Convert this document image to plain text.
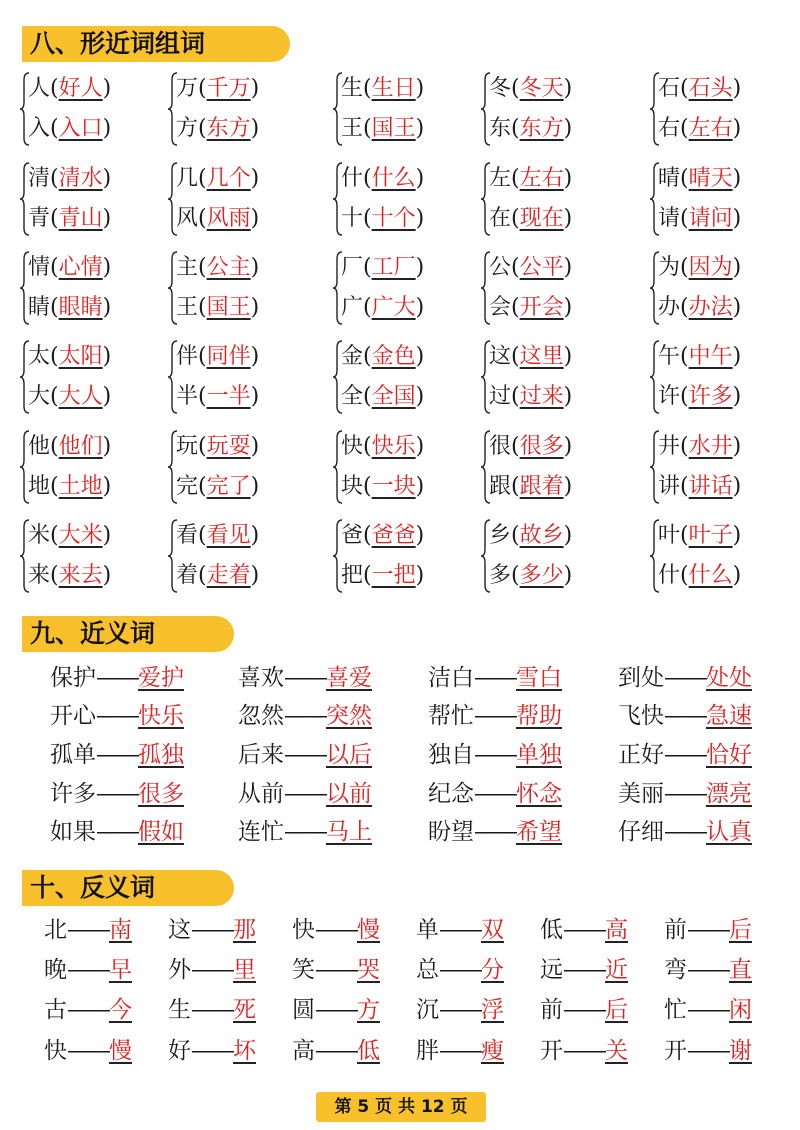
八、形近词组词
人(好人)
入(入口)
万(千万)
方(东方)
生(生日)
王(国王)
冬(冬天)
东(东方)
石(石头)
右(左右)
清(清水)
青(青山)
几(几个)
风(风雨)
什(什么)
十(十个)
左(左右)
在(现在)
晴(晴天)
请(请问)
情(心情)
睛(眼睛)
主(公主)
王(国王)
厂(工厂)
广(广大)
公(公平)
会(开会)
为(因为)
办(办法)
太(太阳)
大(大人)
伴(同伴)
半(一半)
金(金色)
全(全国)
这(这里)
过(过来)
午(中午)
许(许多)
他(他们)
地(土地)
玩(玩耍)
完(完了)
快(快乐)
块(一块)
很(很多)
跟(跟着)
井(水井)
讲(讲话)
米(大米)
来(来去)
看(看见)
着(走着)
爸(爸爸)
把(一把)
乡(故乡)
多(多少)
叶(叶子)
什(什么)
九、近义词
保护——爱护 喜欢——喜爱 洁白——雪白 到处——处处
开心——快乐 忽然——突然 帮忙——帮助 飞快——急速
孤单——孤独 后来——以后 独自——单独 正好——恰好
许多——很多 从前——以前 纪念——怀念 美丽——漂亮
如果——假如 连忙——马上 盼望——希望 仔细——认真
十、反义词
北——南 这——那 快——慢 单——双 低——高 前——后
晚——早 外——里 笑——哭 总——分 远——近 弯——直
古——今 生——死 圆——方 沉——浮 前——后 忙——闲
快——慢 好——坏 高——低 胖——瘦 开——关 开——谢
第 5 页 共 12 页
